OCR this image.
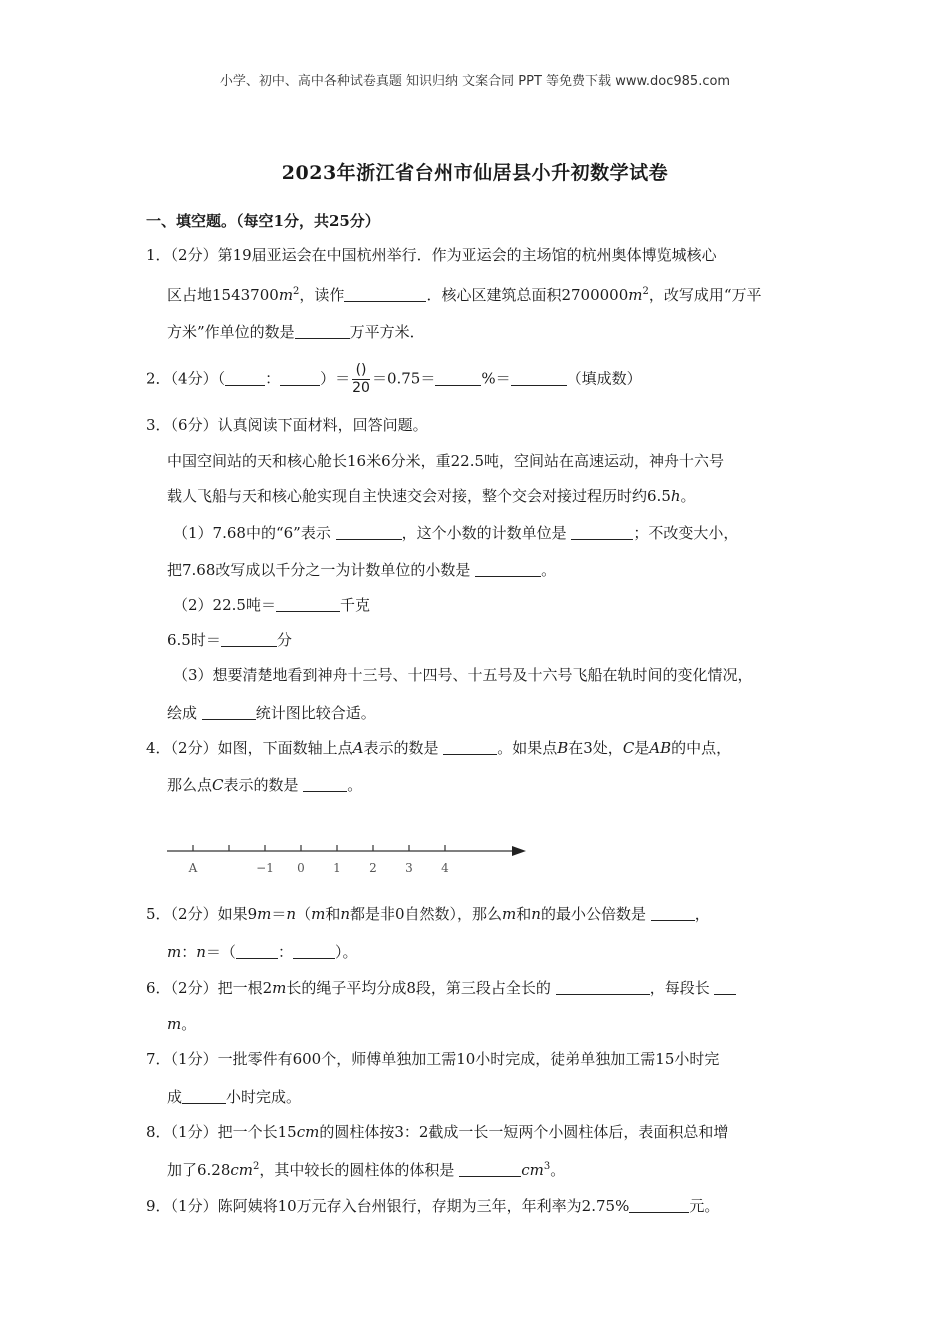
小学、初中、高中各种试卷真题 知识归纳 文案合同 PPT 等免费下载 www.doc985.com
2023年浙江省台州市仙居县小升初数学试卷
一、填空题。（每空1分，共25分）
1．（2分）第19届亚运会在中国杭州举行．作为亚运会的主场馆的杭州奥体博览城核心
区占地$1543700m^2$，读作	．核心区建筑总面积$2700000m^2$，改写成用“万平
方米”作单位的数是	万平方米．
2．（4分）（	：	）＝ $\frac{()}{20} =0.75=$	%＝	（填成数）
3．（6分）认真阅读下面材料，回答问题。
中国空间站的天和核心舱长16米6分米，重22.5吨，空间站在高速运动，神舟十六号
载人飞船与天和核心舱实现自主快速交会对接，整个交会对接过程历时约6.5h。
（1）7.68中的“6”表示	，这个小数的计数单位是	；不改变大小，
把7.68改写成以千分之一为计数单位的小数是	。
（2）22.5吨＝	千克
6.5时＝	分
（3）想要清楚地看到神舟十三号、十四号、十五号及十六号飞船在轨时间的变化情况，
绘成	统计图比较合适。
4．（2分）如图，下面数轴上点A表示的数是	。如果点B在3处，C是AB的中点，
那么点C表示的数是	。
A	−1 0 1 2 3 4
5．（2分）如果9m＝n（m和n都是非0自然数），那么m和n的最小公倍数是	，
m：n＝（	：	）。
6．（2分）把一根2m长的绳子平均分成8段，第三段占全长的	，每段长
m。
7．（1分）一批零件有600个，师傅单独加工需10小时完成，徒弟单独加工需15小时完
成	小时完成。
8．（1分）把一个长15cm的圆柱体按3：2截成一长一短两个小圆柱体后，表面积总和增
加了$6.28cm^2$，其中较长的圆柱体的体积是	$cm^3$。
9．（1分）陈阿姨将10万元存入台州银行，存期为三年，年利率为2.75%	元。
